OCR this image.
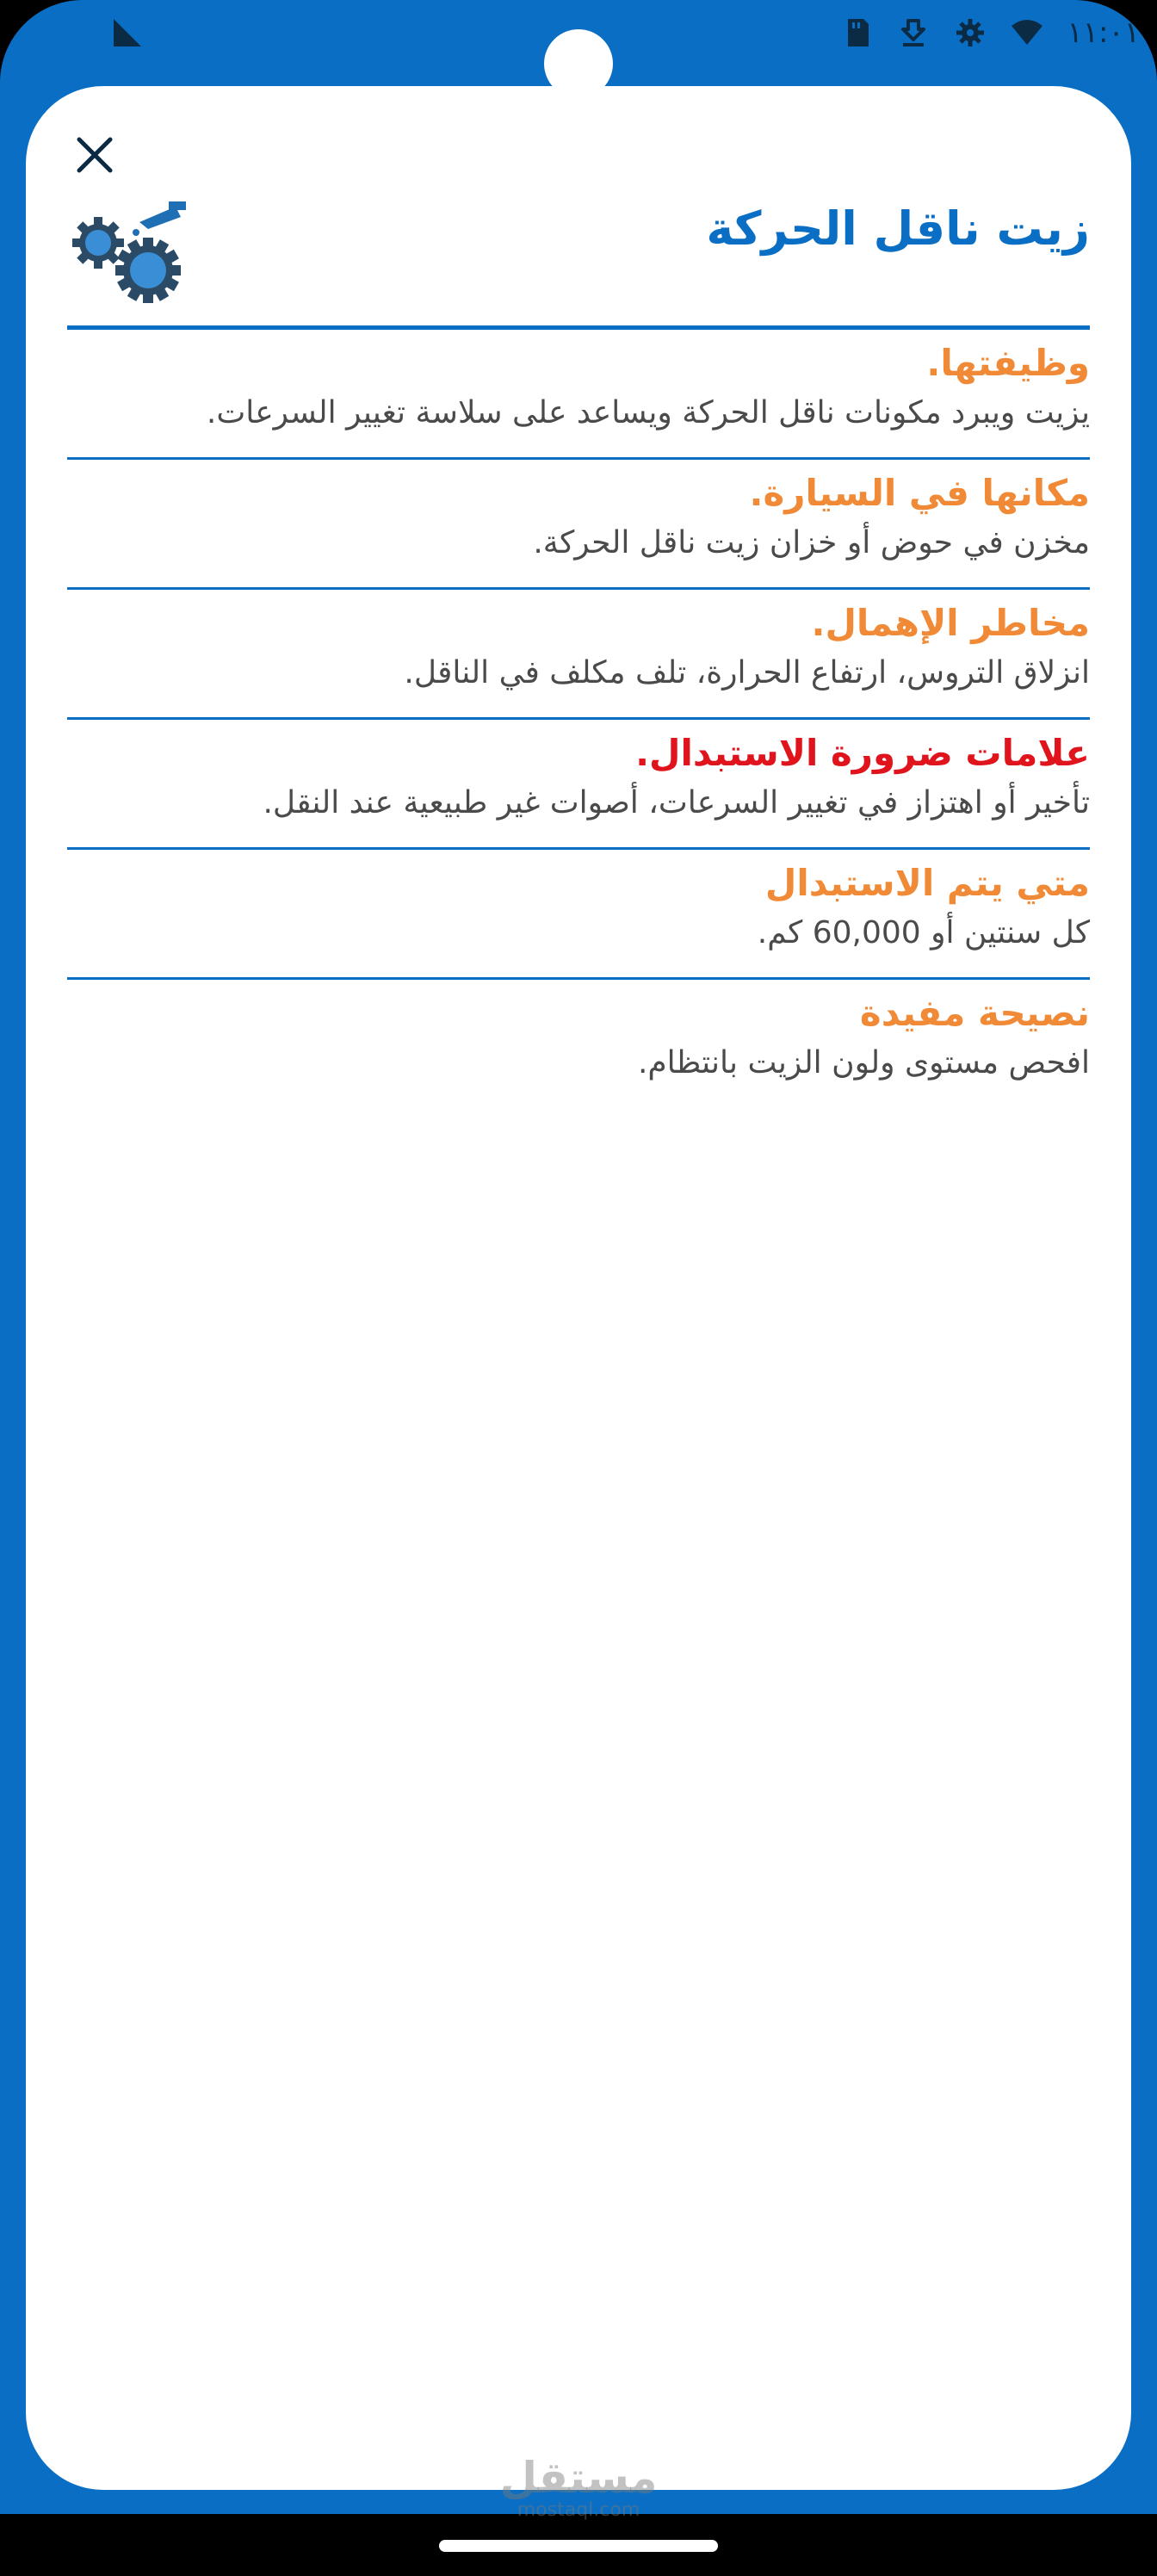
١١:٠١
زيت ناقل الحركة
وظيفتها.
يزيت ويبرد مكونات ناقل الحركة ويساعد على سلاسة تغيير السرعات.
مكانها في السيارة.
مخزن في حوض أو خزان زيت ناقل الحركة.
مخاطر الإهمال.
انزلاق التروس، ارتفاع الحرارة، تلف مكلف في الناقل.
علامات ضرورة الاستبدال.
تأخير أو اهتزاز في تغيير السرعات، أصوات غير طبيعية عند النقل.
متي يتم الاستبدال
كل سنتين أو 60,000 كم.
نصيحة مفيدة
افحص مستوى ولون الزيت بانتظام.
مستقل
mostaql.com
